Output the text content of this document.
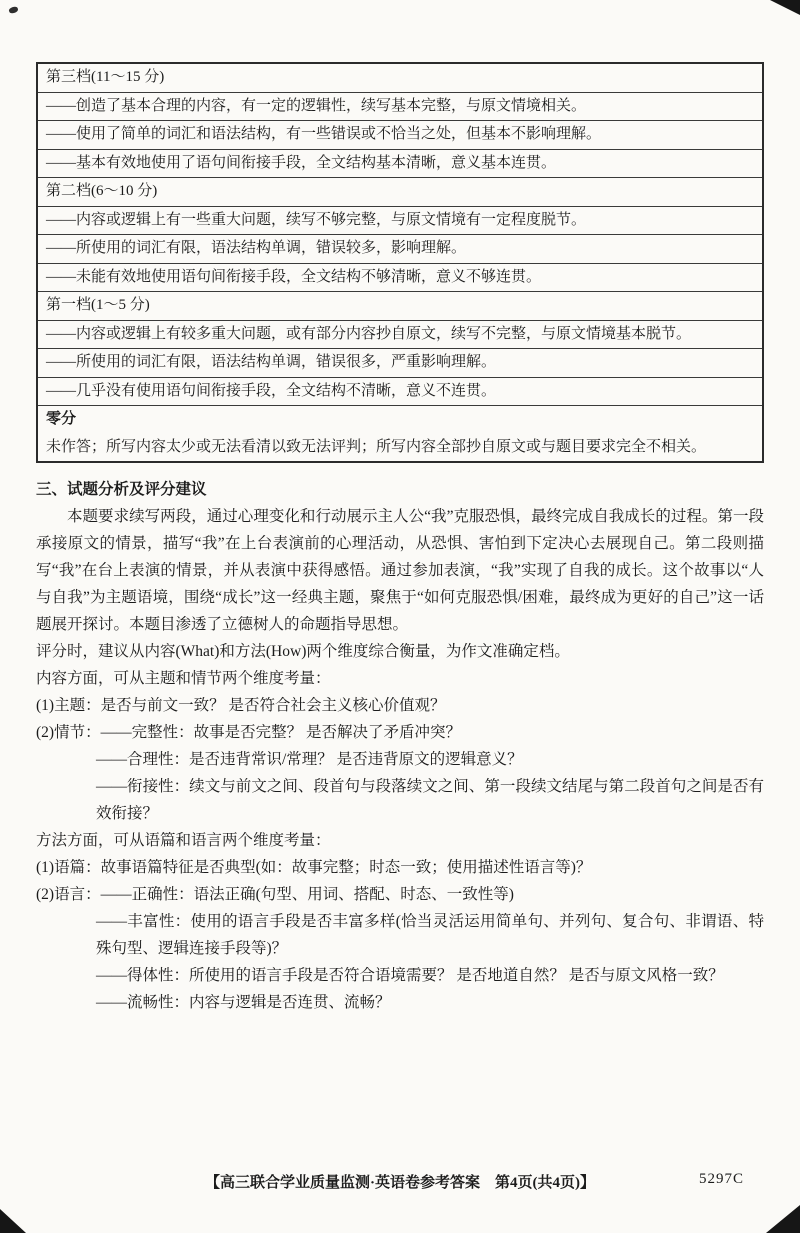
第三档(11～15 分)
——创造了基本合理的内容，有一定的逻辑性，续写基本完整，与原文情境相关。
——使用了简单的词汇和语法结构，有一些错误或不恰当之处，但基本不影响理解。
——基本有效地使用了语句间衔接手段，全文结构基本清晰，意义基本连贯。
第二档(6～10 分)
——内容或逻辑上有一些重大问题，续写不够完整，与原文情境有一定程度脱节。
——所使用的词汇有限，语法结构单调，错误较多，影响理解。
——未能有效地使用语句间衔接手段，全文结构不够清晰，意义不够连贯。
第一档(1～5 分)
——内容或逻辑上有较多重大问题，或有部分内容抄自原文，续写不完整，与原文情境基本脱节。
——所使用的词汇有限，语法结构单调，错误很多，严重影响理解。
——几乎没有使用语句间衔接手段，全文结构不清晰，意义不连贯。
零分
未作答；所写内容太少或无法看清以致无法评判；所写内容全部抄自原文或与题目要求完全不相关。
三、试题分析及评分建议
本题要求续写两段，通过心理变化和行动展示主人公“我”克服恐惧，最终完成自我成长的过程。第一段承接原文的情景，描写“我”在上台表演前的心理活动，从恐惧、害怕到下定决心去展现自己。第二段则描写“我”在台上表演的情景，并从表演中获得感悟。通过参加表演，“我”实现了自我的成长。这个故事以“人与自我”为主题语境，围绕“成长”这一经典主题，聚焦于“如何克服恐惧/困难，最终成为更好的自己”这一话题展开探讨。本题目渗透了立德树人的命题指导思想。
评分时，建议从内容(What)和方法(How)两个维度综合衡量，为作文准确定档。
内容方面，可从主题和情节两个维度考量：
(1)主题：是否与前文一致？ 是否符合社会主义核心价值观？
(2)情节：——完整性：故事是否完整？ 是否解决了矛盾冲突？
——合理性：是否违背常识/常理？ 是否违背原文的逻辑意义？
——衔接性：续文与前文之间、段首句与段落续文之间、第一段续文结尾与第二段首句之间是否有效衔接？
方法方面，可从语篇和语言两个维度考量：
(1)语篇：故事语篇特征是否典型(如：故事完整；时态一致；使用描述性语言等)？
(2)语言：——正确性：语法正确(句型、用词、搭配、时态、一致性等)
——丰富性：使用的语言手段是否丰富多样(恰当灵活运用简单句、并列句、复合句、非谓语、特殊句型、逻辑连接手段等)？
——得体性：所使用的语言手段是否符合语境需要？ 是否地道自然？ 是否与原文风格一致？
——流畅性：内容与逻辑是否连贯、流畅？
【高三联合学业质量监测·英语卷参考答案　第4页(共4页)】	5297C
